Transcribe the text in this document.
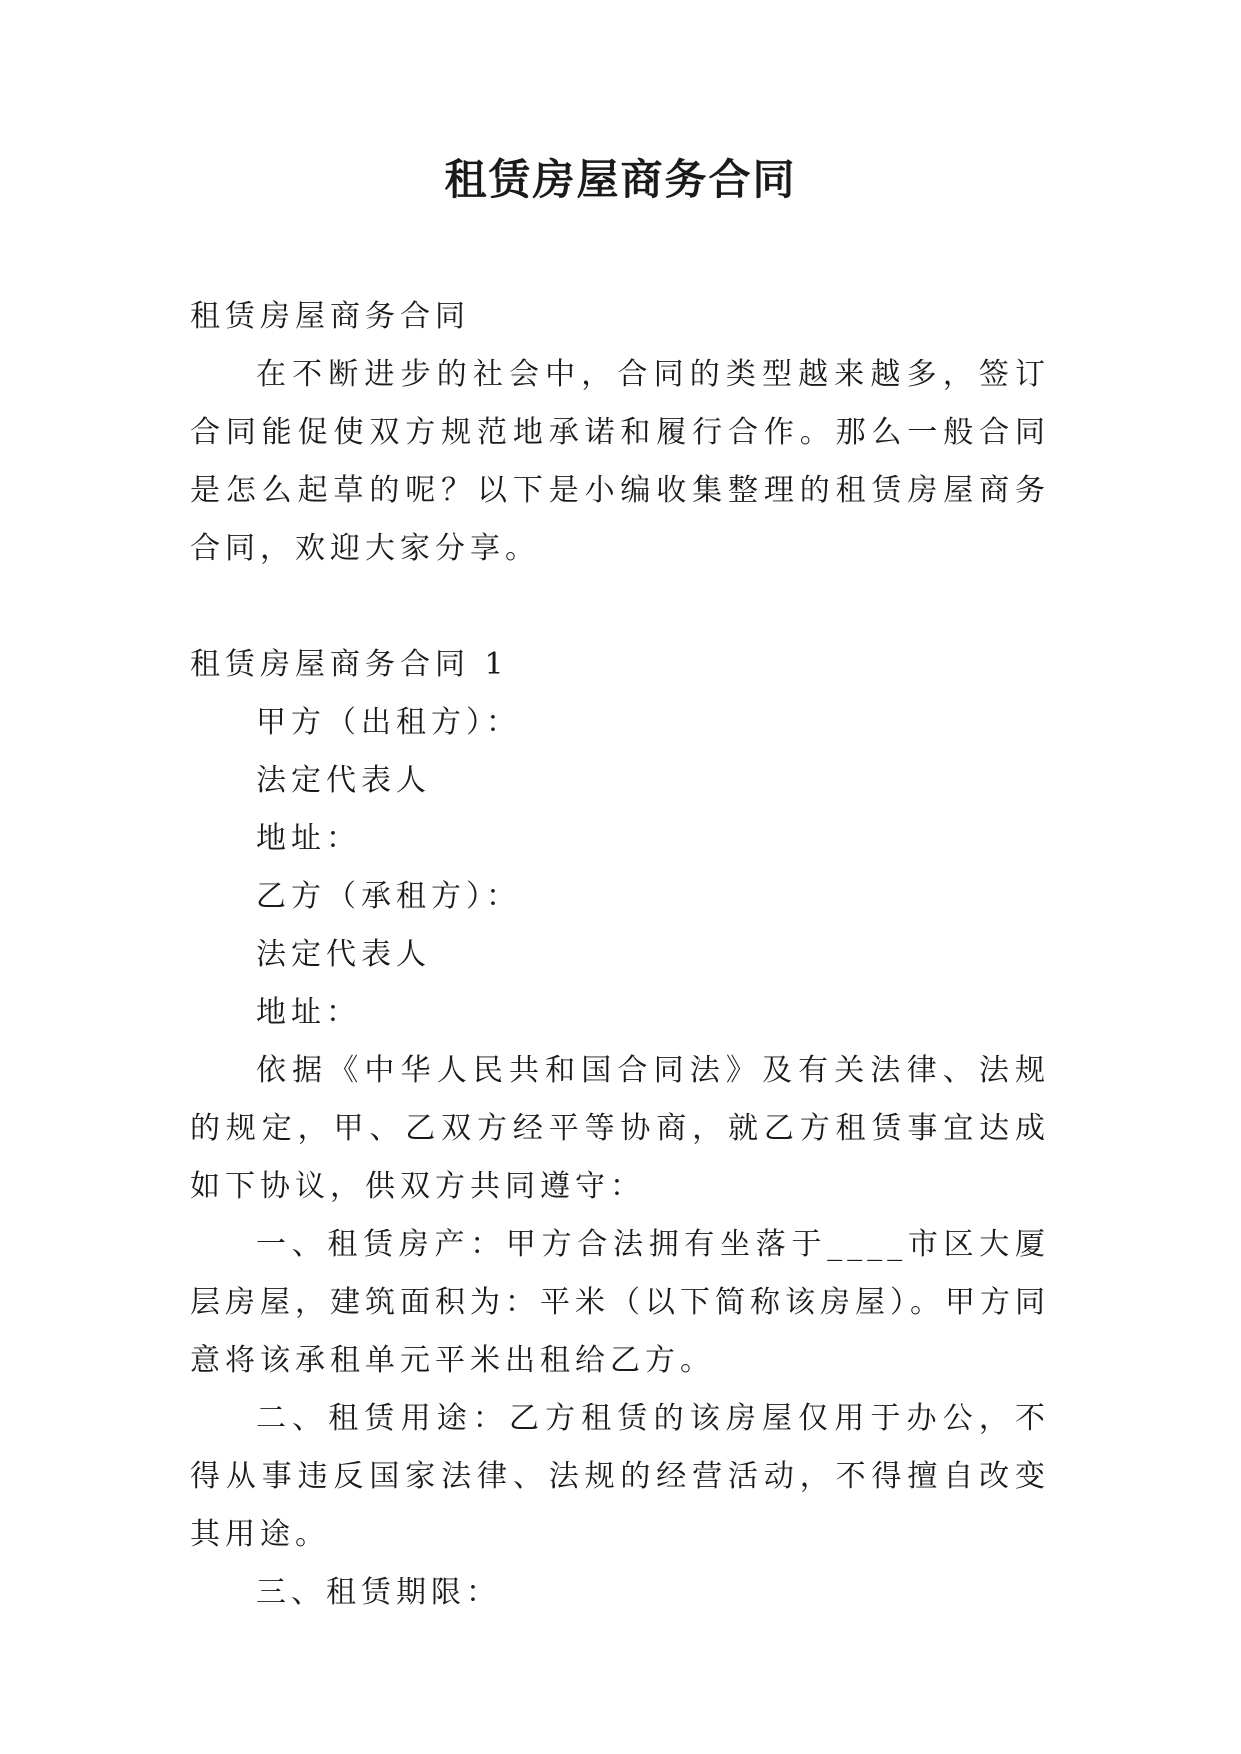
租赁房屋商务合同

租赁房屋商务合同

在不断进步的社会中，合同的类型越来越多，签订合同能促使双方规范地承诺和履行合作。那么一般合同是怎么起草的呢？以下是小编收集整理的租赁房屋商务合同，欢迎大家分享。

租赁房屋商务合同 1

甲方（出租方）：

法定代表人

地址：

乙方（承租方）：

法定代表人

地址：

依据《中华人民共和国合同法》及有关法律、法规的规定，甲、乙双方经平等协商，就乙方租赁事宜达成如下协议，供双方共同遵守：

一、租赁房产：甲方合法拥有坐落于____市区大厦层房屋，建筑面积为：平米（以下简称该房屋）。甲方同意将该承租单元平米出租给乙方。

二、租赁用途：乙方租赁的该房屋仅用于办公，不得从事违反国家法律、法规的经营活动，不得擅自改变其用途。

三、租赁期限：
